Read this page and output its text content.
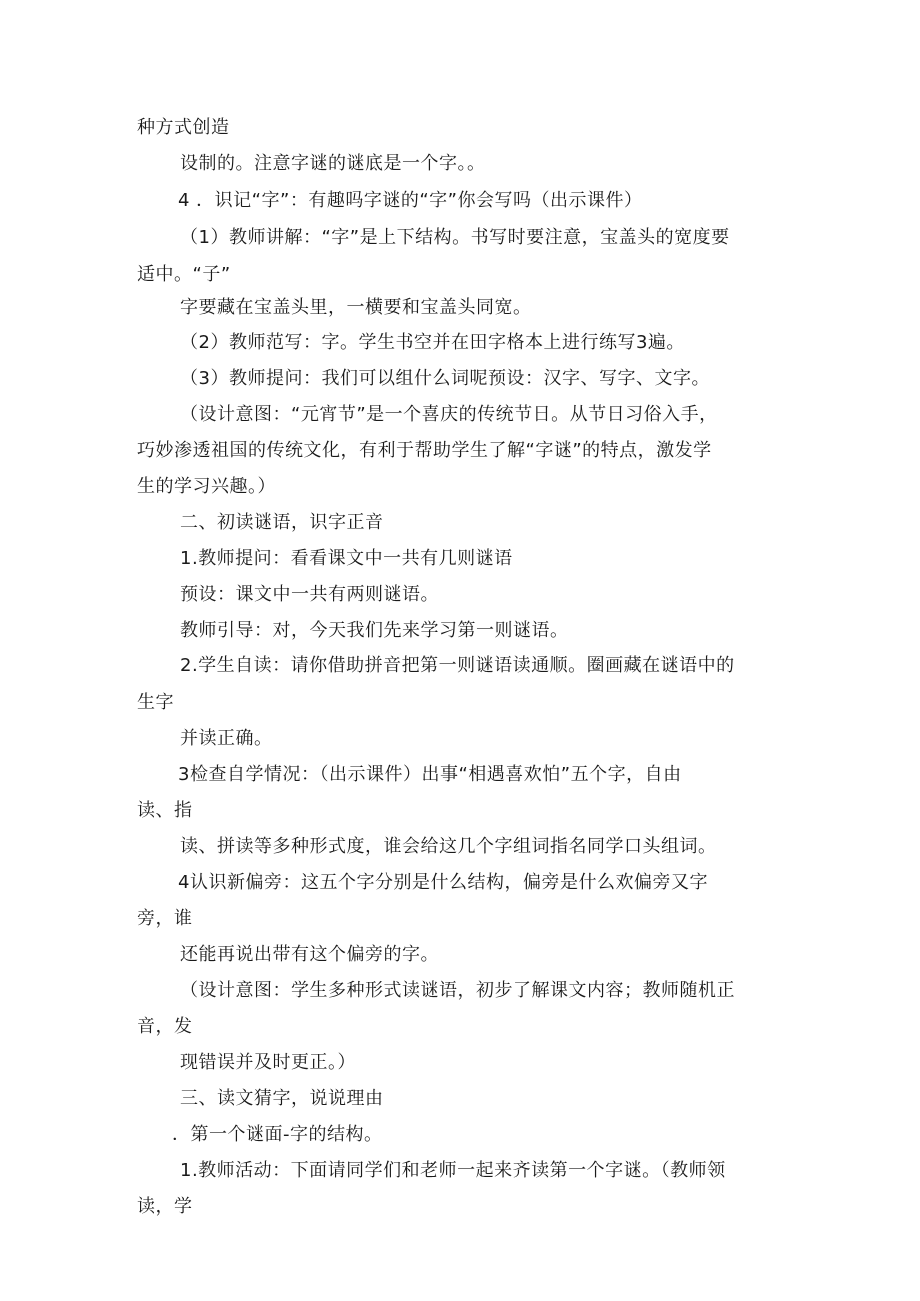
种方式创造
设制的。注意字谜的谜底是一个字。。
4 ．识记“字”：有趣吗字谜的“字”你会写吗（出示课件）
（1）教师讲解：“字”是上下结构。书写时要注意，宝盖头的宽度要
适中。“子”
字要藏在宝盖头里，一横要和宝盖头同宽。
（2）教师范写：字。学生书空并在田字格本上进行练写3遍。
（3）教师提问：我们可以组什么词呢预设：汉字、写字、文字。
（设计意图：“元宵节”是一个喜庆的传统节日。从节日习俗入手，
巧妙渗透祖国的传统文化，有利于帮助学生了解“字谜”的特点，激发学
生的学习兴趣。）
二、初读谜语，识字正音
1.教师提问：看看课文中一共有几则谜语
预设：课文中一共有两则谜语。
教师引导：对，今天我们先来学习第一则谜语。
2.学生自读：请你借助拼音把第一则谜语读通顺。圈画藏在谜语中的
生字
并读正确。
3检查自学情况：（出示课件）出事“相遇喜欢怕”五个字，自由
读、指
读、拼读等多种形式度，谁会给这几个字组词指名同学口头组词。
4认识新偏旁：这五个字分别是什么结构，偏旁是什么欢偏旁又字
旁，谁
还能再说出带有这个偏旁的字。
（设计意图：学生多种形式读谜语，初步了解课文内容；教师随机正
音，发
现错误并及时更正。）
三、读文猜字，说说理由
．第一个谜面-字的结构。
1.教师活动：下面请同学们和老师一起来齐读第一个字谜。（教师领
读，学
